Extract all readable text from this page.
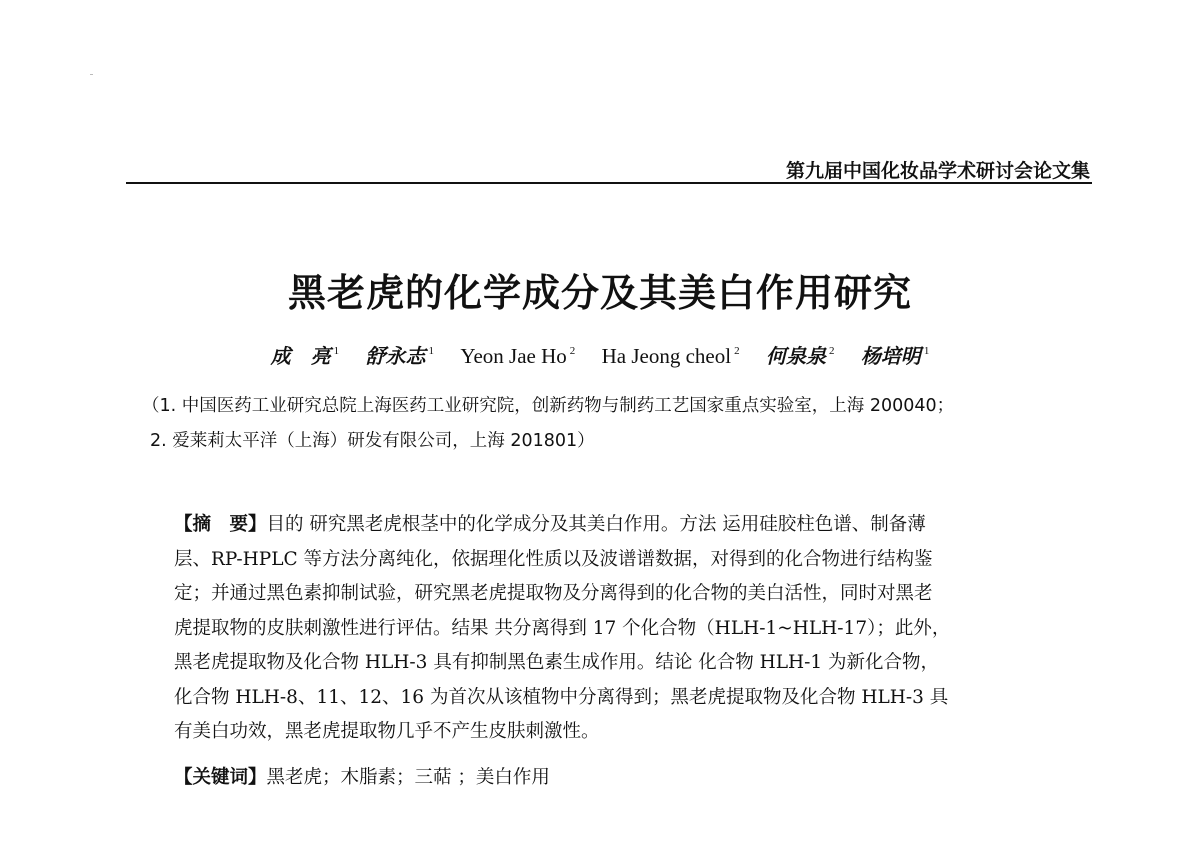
第九届中国化妆品学术研讨会论文集
黑老虎的化学成分及其美白作用研究
成　亮 $^1$ 舒永志 $^1$ Yeon Jae Ho $^2$ Ha Jeong cheol $^2$ 何泉泉 $^2$ 杨培明 $^1$
（1. 中国医药工业研究总院上海医药工业研究院，创新药物与制药工艺国家重点实验室，上海 200040；
2. 爱莱莉太平洋（上海）研发有限公司，上海 201801）
【摘　要】目的 研究黑老虎根茎中的化学成分及其美白作用。方法 运用硅胶柱色谱、制备薄
层、RP-HPLC 等方法分离纯化，依据理化性质以及波谱谱数据，对得到的化合物进行结构鉴
定；并通过黑色素抑制试验，研究黑老虎提取物及分离得到的化合物的美白活性，同时对黑老
虎提取物的皮肤刺激性进行评估。结果 共分离得到 17 个化合物（HLH-1~HLH-17）；此外，
黑老虎提取物及化合物 HLH-3 具有抑制黑色素生成作用。结论 化合物 HLH-1 为新化合物，
化合物 HLH-8、11、12、16 为首次从该植物中分离得到；黑老虎提取物及化合物 HLH-3 具
有美白功效，黑老虎提取物几乎不产生皮肤刺激性。
【关键词】黑老虎；木脂素；三萜 ；美白作用
